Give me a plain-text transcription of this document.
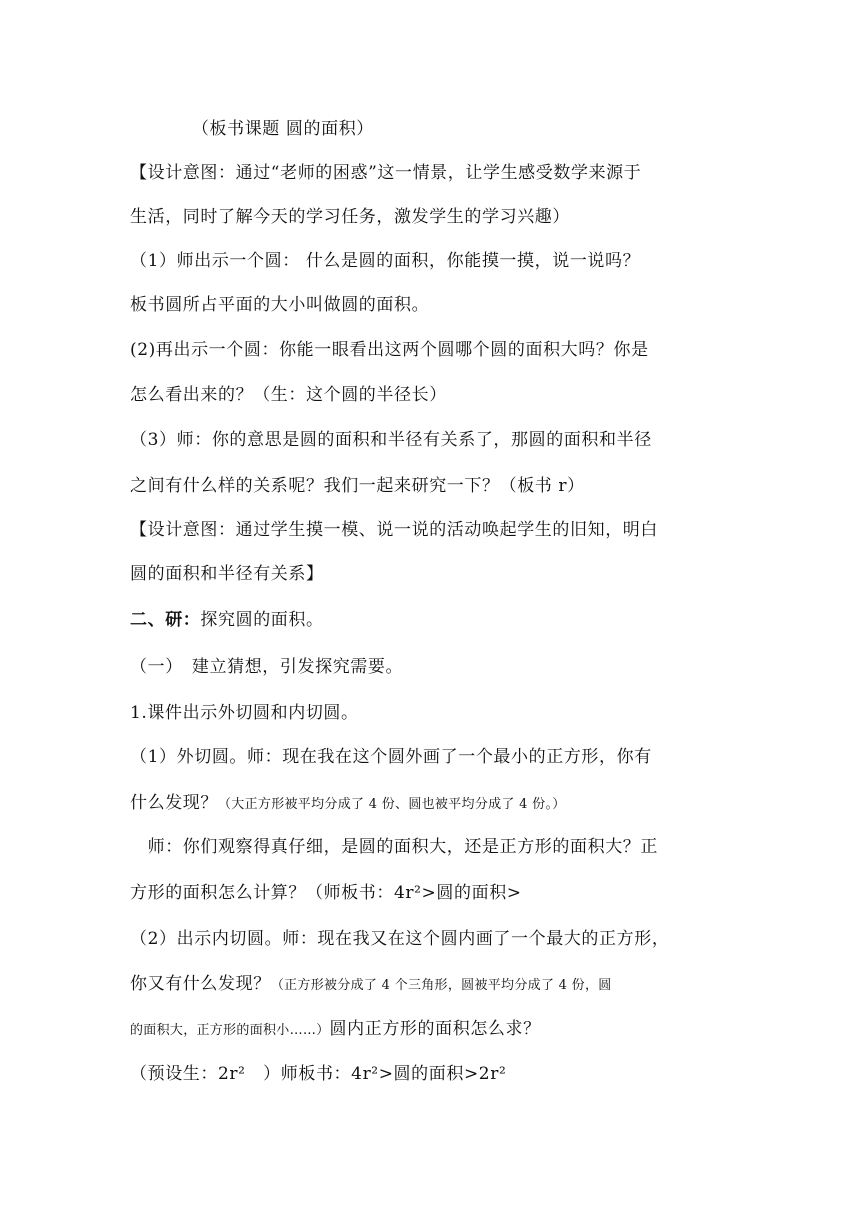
　　　　（板书课题 圆的面积）
【设计意图：通过“老师的困惑”这一情景，让学生感受数学来源于
生活，同时了解今天的学习任务，激发学生的学习兴趣）
（1）师出示一个圆： 什么是圆的面积，你能摸一摸，说一说吗？
板书圆所占平面的大小叫做圆的面积。
(2)再出示一个圆：你能一眼看出这两个圆哪个圆的面积大吗？你是
怎么看出来的？（生：这个圆的半径长）
（3）师：你的意思是圆的面积和半径有关系了，那圆的面积和半径
之间有什么样的关系呢？我们一起来研究一下？（板书 r）
【设计意图：通过学生摸一模、说一说的活动唤起学生的旧知，明白
圆的面积和半径有关系】
二、研：探究圆的面积。
（一）　建立猜想，引发探究需要。
1.课件出示外切圆和内切圆。
（1）外切圆。师：现在我在这个圆外画了一个最小的正方形，你有
什么发现？（大正方形被平均分成了 4 份、圆也被平均分成了 4 份。）
　师：你们观察得真仔细，是圆的面积大，还是正方形的面积大？正
方形的面积怎么计算？（师板书：4r²>圆的面积>
（2）出示内切圆。师：现在我又在这个圆内画了一个最大的正方形，
你又有什么发现？（正方形被分成了 4 个三角形，圆被平均分成了 4 份，圆
的面积大，正方形的面积小……）圆内正方形的面积怎么求？
（预设生：2r²　）师板书：4r²>圆的面积>2r²
